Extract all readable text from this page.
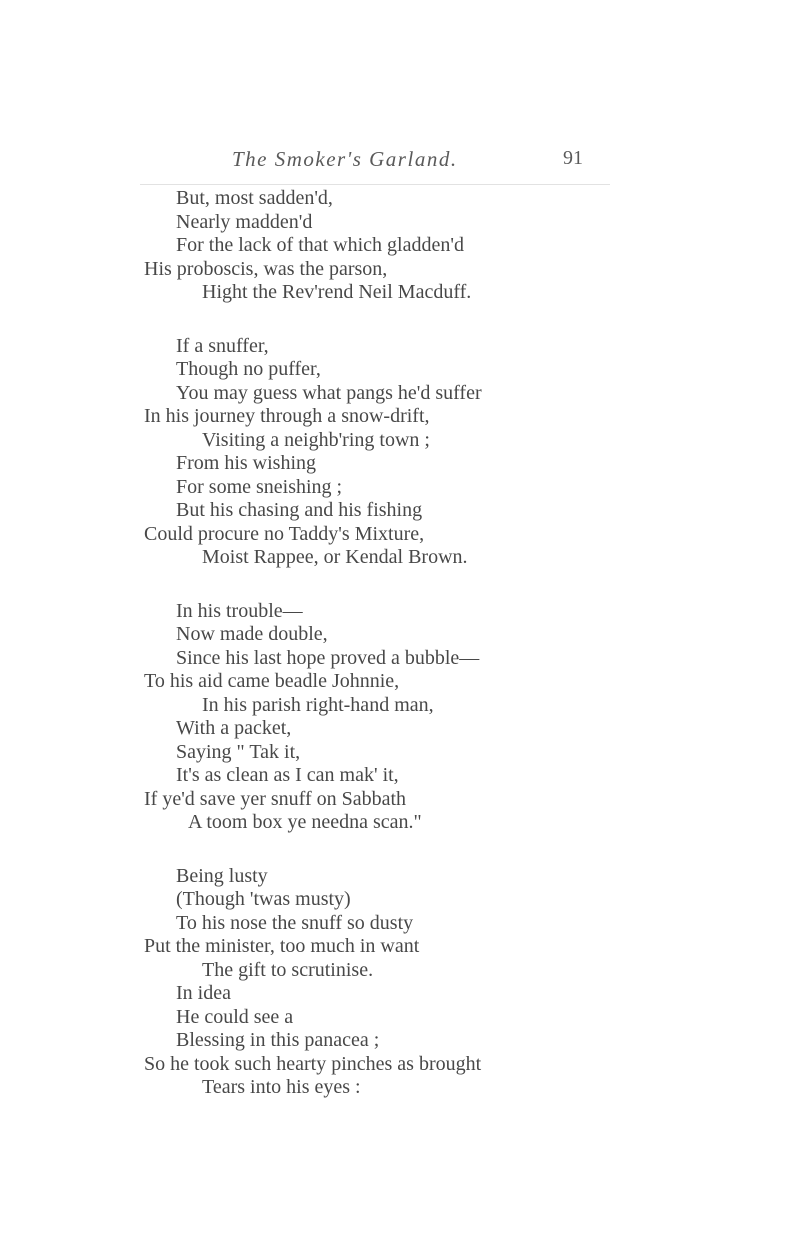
The Smoker's Garland.	91
But, most sadden'd,
Nearly madden'd
For the lack of that which gladden'd
His proboscis, was the parson,
Hight the Rev'rend Neil Macduff.
If a snuffer,
Though no puffer,
You may guess what pangs he'd suffer
In his journey through a snow-drift,
Visiting a neighb'ring town ;
From his wishing
For some sneishing ;
But his chasing and his fishing
Could procure no Taddy's Mixture,
Moist Rappee, or Kendal Brown.
In his trouble—
Now made double,
Since his last hope proved a bubble—
To his aid came beadle Johnnie,
In his parish right-hand man,
With a packet,
Saying " Tak it,
It's as clean as I can mak' it,
If ye'd save yer snuff on Sabbath
A toom box ye needna scan."
Being lusty
(Though 'twas musty)
To his nose the snuff so dusty
Put the minister, too much in want
The gift to scrutinise.
In idea
He could see a
Blessing in this panacea ;
So he took such hearty pinches as brought
Tears into his eyes :
